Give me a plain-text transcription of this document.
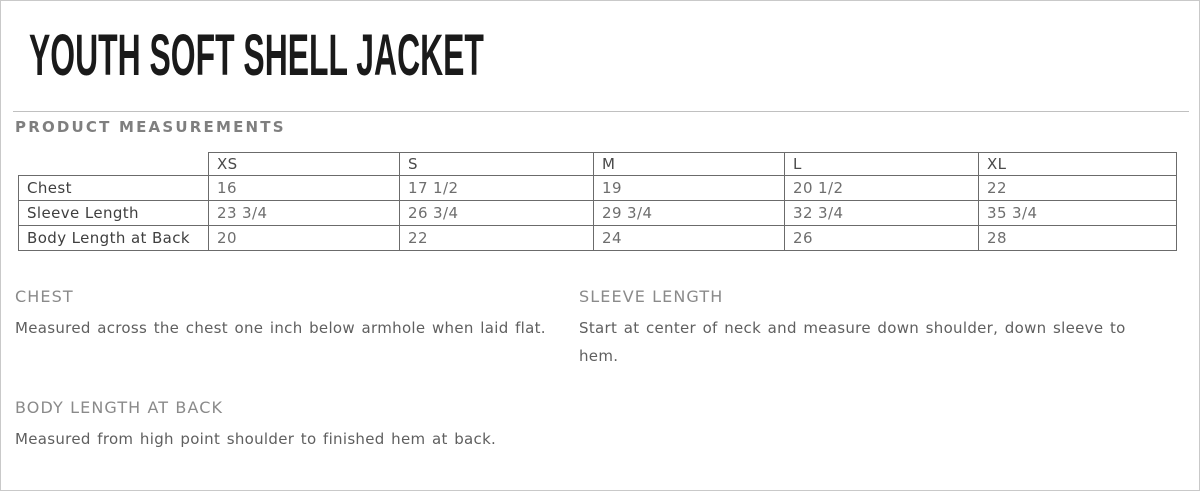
YOUTH SOFT SHELL JACKET
PRODUCT MEASUREMENTS
	XS	S	M	L	XL
Chest	16	17 1/2	19	20 1/2	22
Sleeve Length	23 3/4	26 3/4	29 3/4	32 3/4	35 3/4
Body Length at Back	20	22	24	26	28
CHEST

Measured across the chest one inch below armhole when laid flat.

SLEEVE LENGTH

Start at center of neck and measure down shoulder, down sleeve to hem.

BODY LENGTH AT BACK

Measured from high point shoulder to finished hem at back.
